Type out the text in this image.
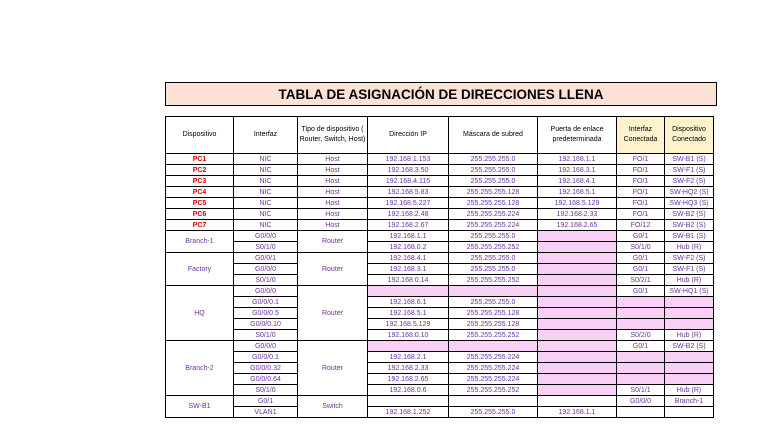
TABLA DE ASIGNACIÓN DE DIRECCIONES LLENA
Dispositivo	Interfaz	Tipo de dispositivo ( Router, Switch, Host)	Dirección IP	Máscara de subred	Puerta de enlace predeterminada	Interfaz Conectada	Dispositivo Conectado
PC1	NIC	Host	192.168.1.153	255.255.255.0	192.168.1.1	FO/1	SW-B1 (S)
PC2	NIC	Host	192.168.3.50	255.255.255.0	192.168.3.1	FO/1	SW-F1 (S)
PC3	NIC	Host	192.168.4.115	255.255.255.0	192.168.4.1	FO/1	SW-F2 (S)
PC4	NIC	Host	192.168.5.83	255.255.255.128	192.168.5.1	FO/1	SW-HQ2 (S)
PC5	NIC	Host	192.168.5.227	255.255.255.128	192.168.5.129	FO/1	SW-HQ3 (S)
PC6	NIC	Host	192.168.2.48	255.255.255.224	192.168.2.33	FO/1	SW-B2 (S)
PC7	NIC	Host	192.168.2.67	255.255.255.224	192.168.2.65	FO/12	SW-B2 (S)
Branch-1	G0/0/0	Router	192.168.1.1	255.255.255.0		G0/1	SW-B1 (S)
	S0/1/0		192.168.0.2	255.255.255.252		S0/1/0	Hub (R)
Factory	G0/0/1	Router	192.168.4.1	255.255.255.0		G0/1	SW-F2 (S)
	G0/0/0		192.168.3.1	255.255.255.0		G0/1	SW-F1 (S)
	S0/1/0		192.168.0.14	255.255.255.252		S0/2/1	Hub (R)
HQ	G0/0/0	Router				G0/1	SW-HQ1 (S)
	G0/0/0.1		192.168.6.1	255.255.255.0			
	G0/0/0.5		192.168.5.1	255.255.255.128			
	G0/0/0.10		192.168.5.129	255.255.255.128			
	S0/1/0		192.168.0.10	255.255.255.252		S0/2/0	Hub (R)
Branch-2	G0/0/0	Router				G0/1	SW-B2 (S)
	G0/0/0.1		192.168.2.1	255.255.255.224			
	G0/0/0.32		192.168.2.33	255.255.255.224			
	G0/0/0.64		192.168.2.65	255.255.255.224			
	S0/1/0		192.168.0.6	255.255.255.252		S0/1/1	Hub (R)
SW-B1	G0/1	Switch				G0/0/0	Branch-1
	VLAN1		192.168.1.252	255.255.255.0	192.168.1.1		
